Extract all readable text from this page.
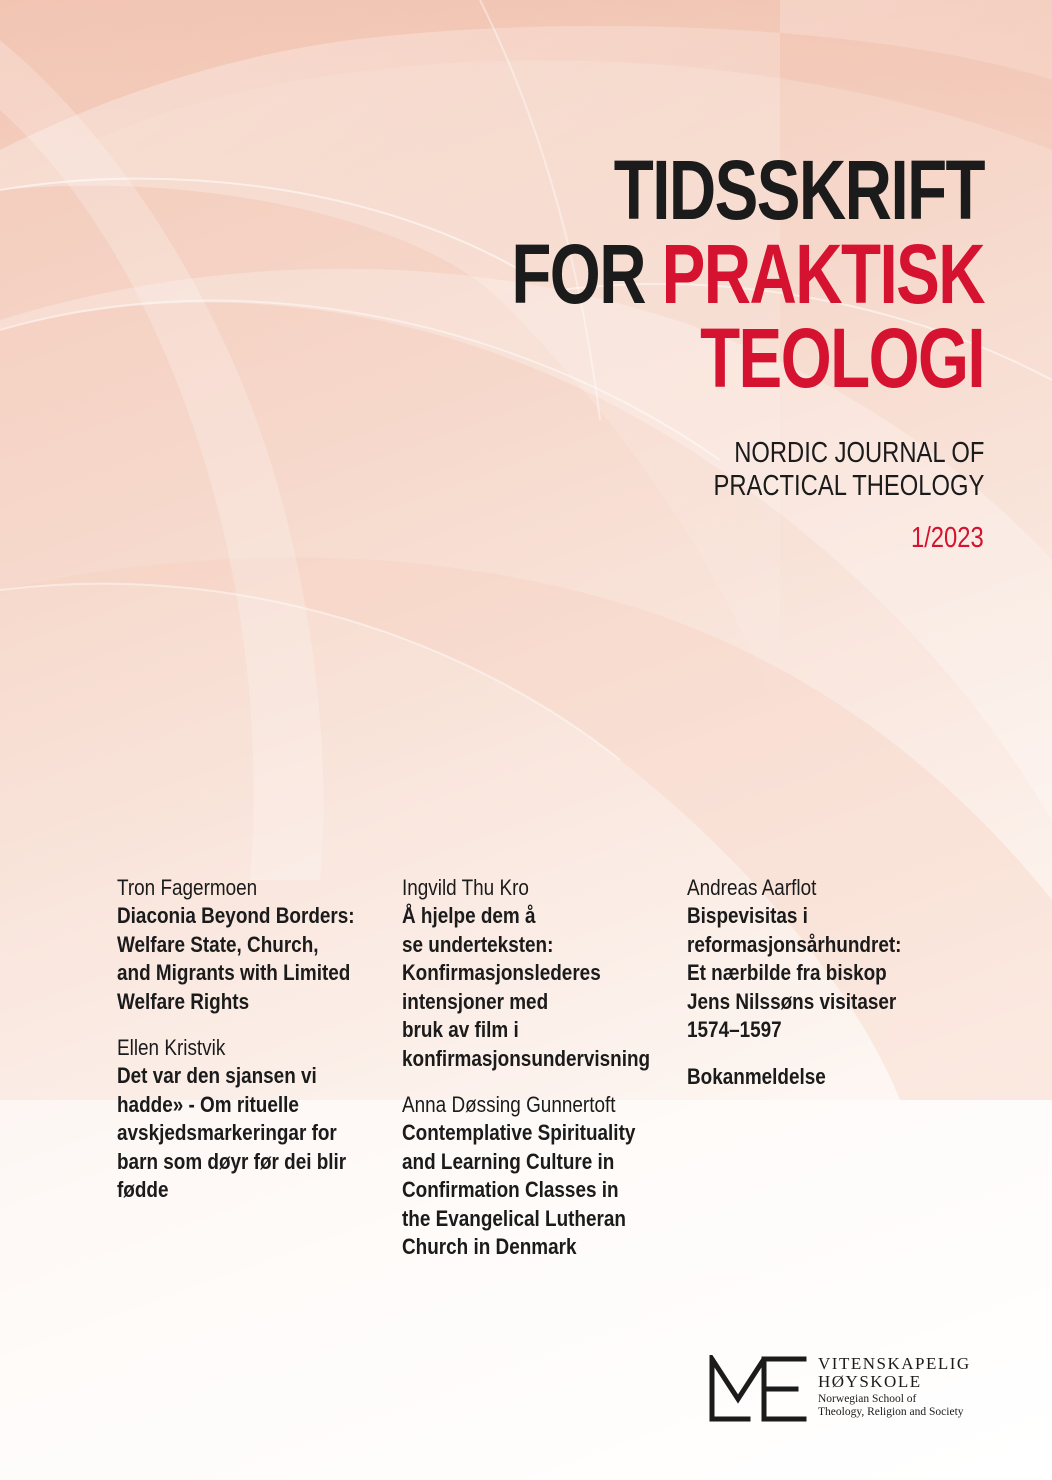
TIDSSKRIFT
FOR PRAKTISK
TEOLOGI
NORDIC JOURNAL OF
PRACTICAL THEOLOGY
1/2023
Tron Fagermoen
Diaconia Beyond Borders:
Welfare State, Church,
and Migrants with Limited
Welfare Rights
Ellen Kristvik
Det var den sjansen vi
hadde» - Om rituelle
avskjedsmarkeringar for
barn som døyr før dei blir
fødde
Ingvild Thu Kro
Å hjelpe dem å
se underteksten:
Konfirmasjonslederes
intensjoner med
bruk av film i
konfirmasjonsundervisning
Anna Døssing Gunnertoft
Contemplative Spirituality
and Learning Culture in
Confirmation Classes in
the Evangelical Lutheran
Church in Denmark
Andreas Aarflot
Bispevisitas i
reformasjonsårhundret:
Et nærbilde fra biskop
Jens Nilssøns visitaser
1574–1597
Bokanmeldelse
VITENSKAPELIG
HØYSKOLE
Norwegian School of
Theology, Religion and Society
